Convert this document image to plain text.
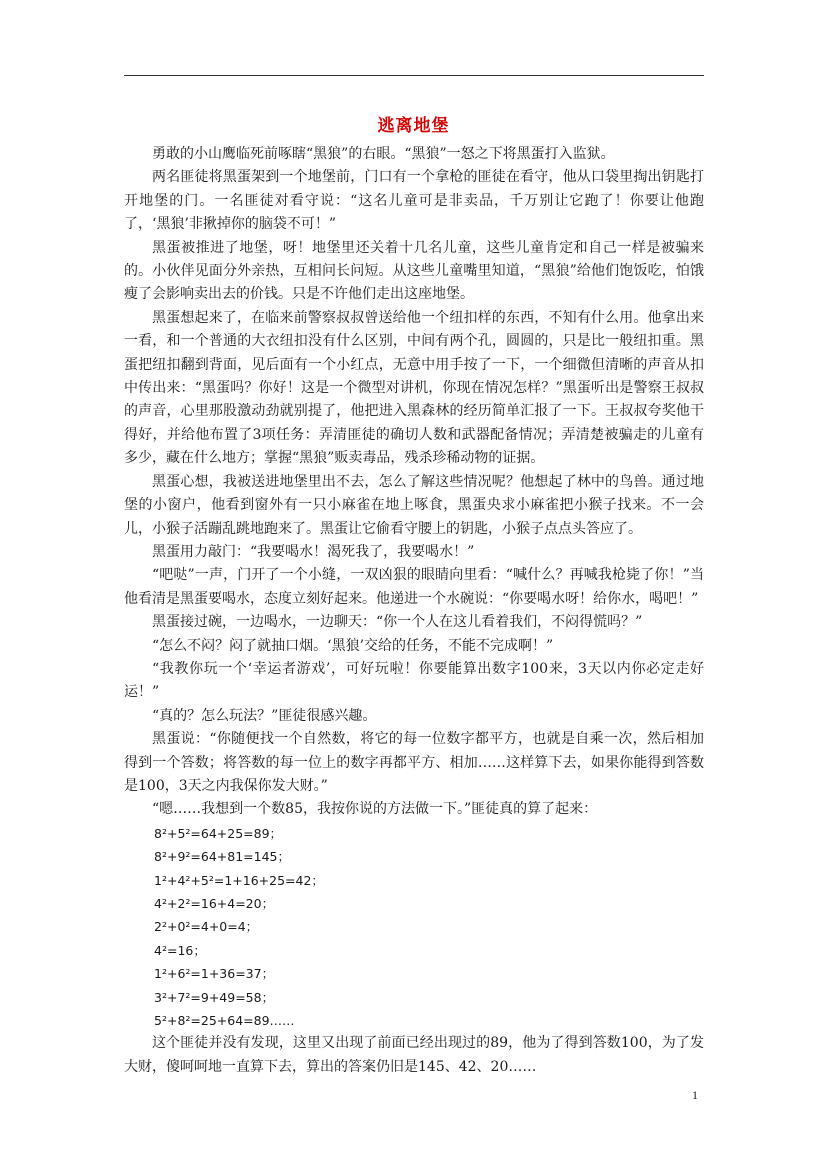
逃离地堡

勇敢的小山鹰临死前啄瞎“黑狼”的右眼。“黑狼”一怒之下将黑蛋打入监狱。

两名匪徒将黑蛋架到一个地堡前，门口有一个拿枪的匪徒在看守，他从口袋里掏出钥匙打开地堡的门。一名匪徒对看守说：“这名儿童可是非卖品，千万别让它跑了！你要让他跑了，‘黑狼’非揪掉你的脑袋不可！”

黑蛋被推进了地堡，呀！地堡里还关着十几名儿童，这些儿童肯定和自己一样是被骗来的。小伙伴见面分外亲热，互相问长问短。从这些儿童嘴里知道，“黑狼”给他们饱饭吃，怕饿瘦了会影响卖出去的价钱。只是不许他们走出这座地堡。

黑蛋想起来了，在临来前警察叔叔曾送给他一个纽扣样的东西，不知有什么用。他拿出来一看，和一个普通的大衣纽扣没有什么区别，中间有两个孔，圆圆的，只是比一般纽扣重。黑蛋把纽扣翻到背面，见后面有一个小红点，无意中用手按了一下，一个细微但清晰的声音从扣中传出来：“黑蛋吗？你好！这是一个微型对讲机，你现在情况怎样？”黑蛋听出是警察王叔叔的声音，心里那股激动劲就别提了，他把进入黑森林的经历简单汇报了一下。王叔叔夸奖他干得好，并给他布置了3项任务：弄清匪徒的确切人数和武器配备情况；弄清楚被骗走的儿童有多少，藏在什么地方；掌握“黑狼”贩卖毒品，残杀珍稀动物的证据。

黑蛋心想，我被送进地堡里出不去，怎么了解这些情况呢？他想起了林中的鸟兽。通过地堡的小窗户，他看到窗外有一只小麻雀在地上啄食，黑蛋央求小麻雀把小猴子找来。不一会儿，小猴子活蹦乱跳地跑来了。黑蛋让它偷看守腰上的钥匙，小猴子点点头答应了。

黑蛋用力敲门：“我要喝水！渴死我了，我要喝水！”

“吧哒”一声，门开了一个小缝，一双凶狠的眼睛向里看：“喊什么？再喊我枪毙了你！”当他看清是黑蛋要喝水，态度立刻好起来。他递进一个水碗说：“你要喝水呀！给你水，喝吧！”

黑蛋接过碗，一边喝水，一边聊天：“你一个人在这儿看着我们，不闷得慌吗？”

“怎么不闷？闷了就抽口烟。‘黑狼’交给的任务，不能不完成啊！”

“我教你玩一个‘幸运者游戏’，可好玩啦！你要能算出数字100来，3天以内你必定走好运！”

“真的？怎么玩法？”匪徒很感兴趣。

黑蛋说：“你随便找一个自然数，将它的每一位数字都平方，也就是自乘一次，然后相加得到一个答数；将答数的每一位上的数字再都平方、相加……这样算下去，如果你能得到答数是100，3天之内我保你发大财。”

“嗯……我想到一个数85，我按你说的方法做一下。”匪徒真的算了起来：

8²+5²=64+25=89；

8²+9²=64+81=145；

1²+4²+5²=1+16+25=42；

4²+2²=16+4=20；

2²+0²=4+0=4；

4²=16；

1²+6²=1+36=37；

3²+7²=9+49=58；

5²+8²=25+64=89……

这个匪徒并没有发现，这里又出现了前面已经出现过的89，他为了得到答数100，为了发大财，傻呵呵地一直算下去，算出的答案仍旧是145、42、20……

1
